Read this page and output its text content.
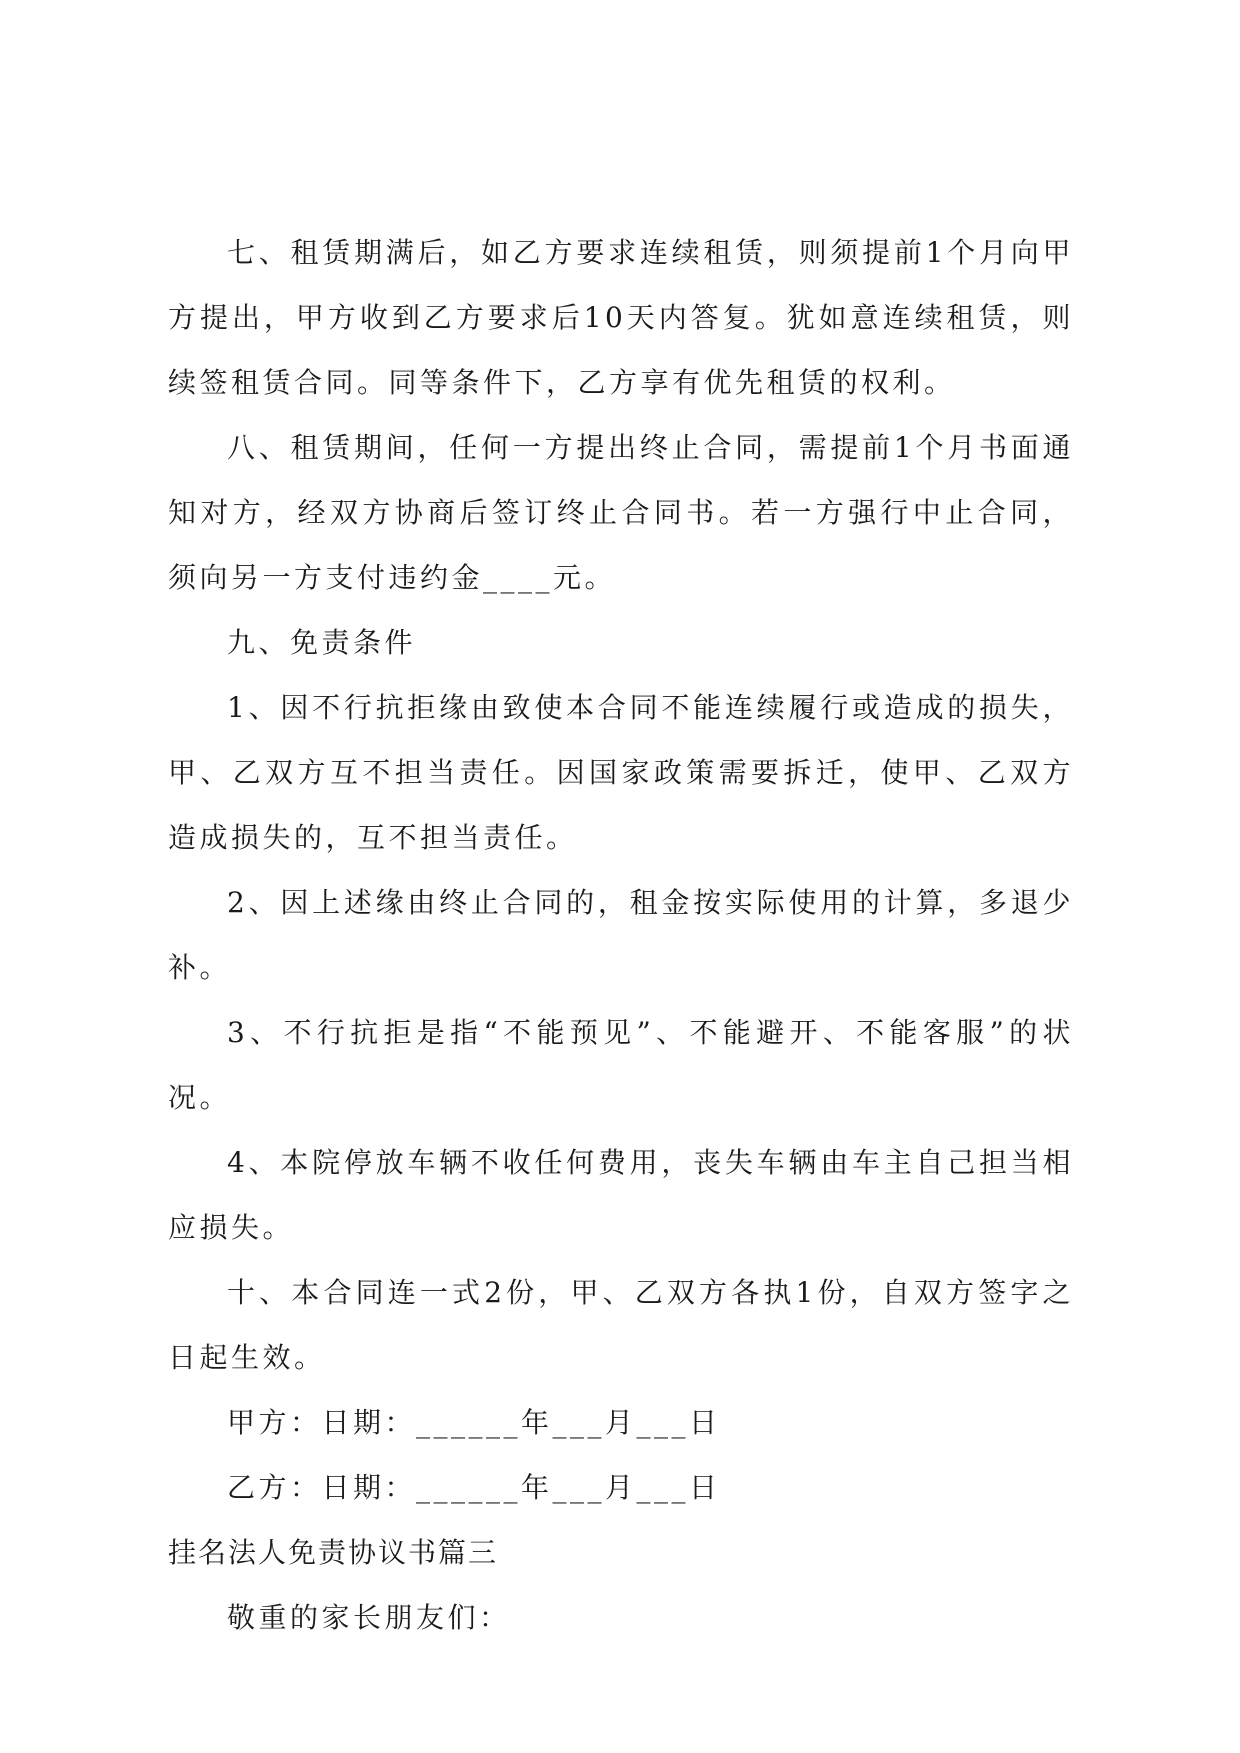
七、租赁期满后，如乙方要求连续租赁，则须提前1个月向甲方提出，甲方收到乙方要求后10天内答复。犹如意连续租赁，则续签租赁合同。同等条件下，乙方享有优先租赁的权利。

八、租赁期间，任何一方提出终止合同，需提前1个月书面通知对方，经双方协商后签订终止合同书。若一方强行中止合同，须向另一方支付违约金____元。

九、免责条件

1、因不行抗拒缘由致使本合同不能连续履行或造成的损失，甲、乙双方互不担当责任。因国家政策需要拆迁，使甲、乙双方造成损失的，互不担当责任。

2、因上述缘由终止合同的，租金按实际使用的计算，多退少补。

3、不行抗拒是指“不能预见”、不能避开、不能客服”的状况。

4、本院停放车辆不收任何费用，丧失车辆由车主自己担当相应损失。

十、本合同连一式2份，甲、乙双方各执1份，自双方签字之日起生效。

甲方：日期：______年___月___日

乙方：日期：______年___月___日

挂名法人免责协议书篇三

敬重的家长朋友们：
